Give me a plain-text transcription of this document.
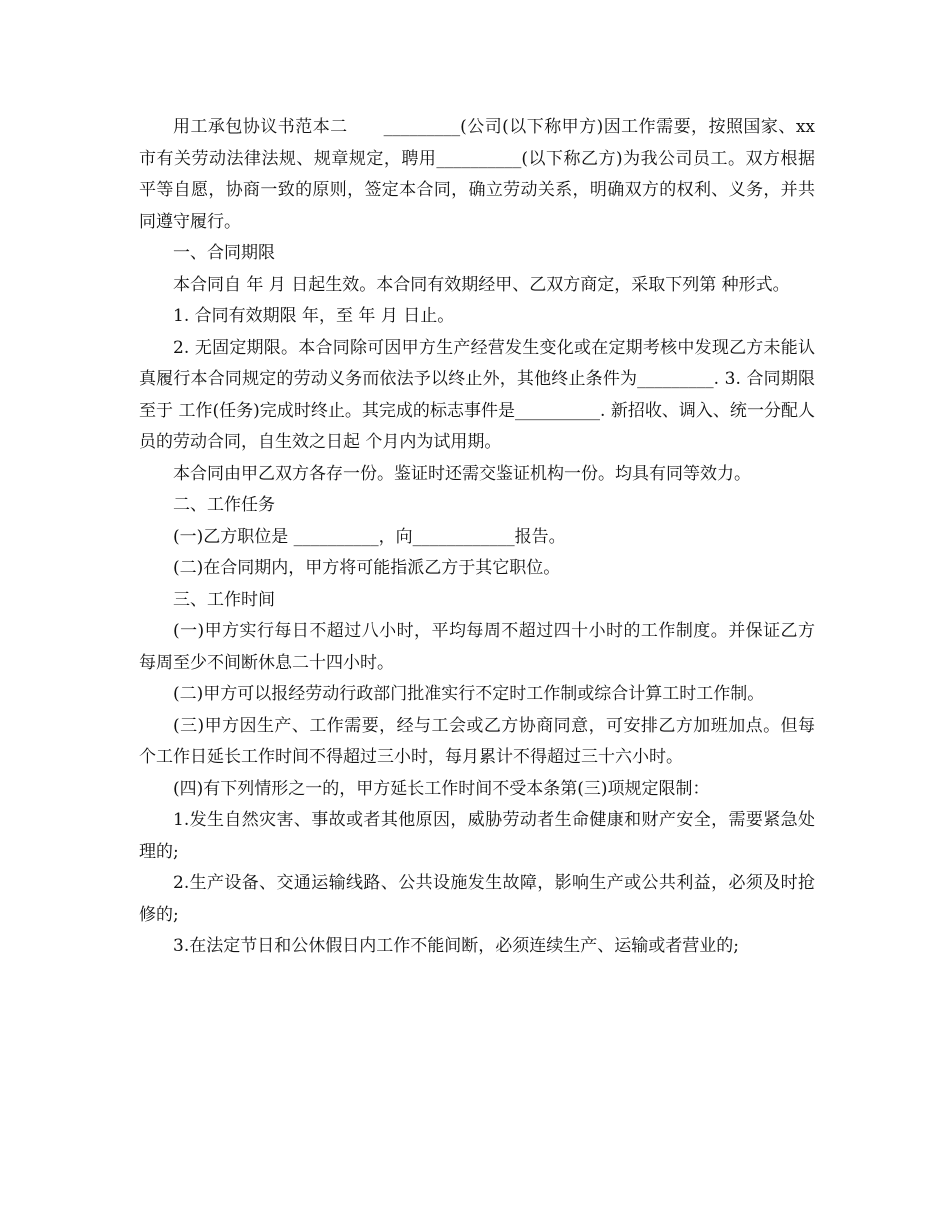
用工承包协议书范本二 _________(公司(以下称甲方)因工作需要，按照国家、xx市有关劳动法律法规、规章规定，聘用__________(以下称乙方)为我公司员工。双方根据平等自愿，协商一致的原则，签定本合同，确立劳动关系，明确双方的权利、义务，并共同遵守履行。

一、合同期限

本合同自 年 月 日起生效。本合同有效期经甲、乙双方商定，采取下列第 种形式。

1. 合同有效期限 年，至 年 月 日止。

2. 无固定期限。本合同除可因甲方生产经营发生变化或在定期考核中发现乙方未能认真履行本合同规定的劳动义务而依法予以终止外，其他终止条件为_________. 3. 合同期限至于 工作(任务)完成时终止。其完成的标志事件是__________. 新招收、调入、统一分配人员的劳动合同，自生效之日起 个月内为试用期。

本合同由甲乙双方各存一份。鉴证时还需交鉴证机构一份。均具有同等效力。

二、工作任务

(一)乙方职位是 __________，向____________报告。

(二)在合同期内，甲方将可能指派乙方于其它职位。

三、工作时间

(一)甲方实行每日不超过八小时，平均每周不超过四十小时的工作制度。并保证乙方每周至少不间断休息二十四小时。

(二)甲方可以报经劳动行政部门批准实行不定时工作制或综合计算工时工作制。

(三)甲方因生产、工作需要，经与工会或乙方协商同意，可安排乙方加班加点。但每个工作日延长工作时间不得超过三小时，每月累计不得超过三十六小时。

(四)有下列情形之一的，甲方延长工作时间不受本条第(三)项规定限制：

1.发生自然灾害、事故或者其他原因，威胁劳动者生命健康和财产安全，需要紧急处理的;

2.生产设备、交通运输线路、公共设施发生故障，影响生产或公共利益，必须及时抢修的;

3.在法定节日和公休假日内工作不能间断，必须连续生产、运输或者营业的;
